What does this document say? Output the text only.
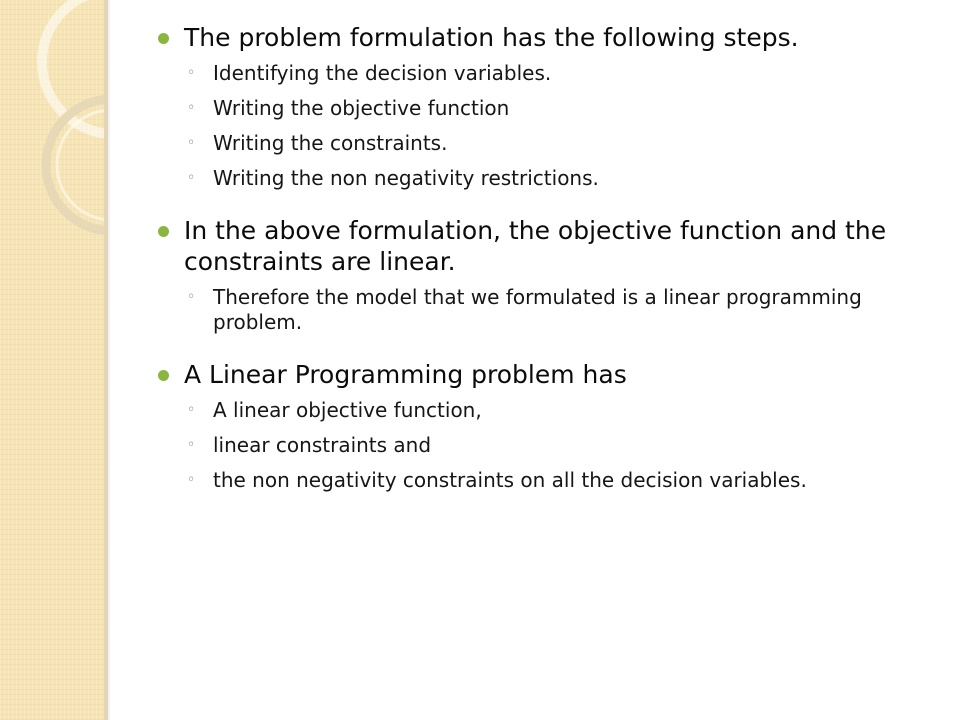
The problem formulation has the following steps.
◦ Identifying the decision variables.
◦ Writing the objective function
◦ Writing the constraints.
◦ Writing the non negativity restrictions.
In the above formulation, the objective function and the constraints are linear.
◦ Therefore the model that we formulated is a linear programming problem.
A Linear Programming problem has
◦ A linear objective function,
◦ linear constraints and
◦ the non negativity constraints on all the decision variables.
